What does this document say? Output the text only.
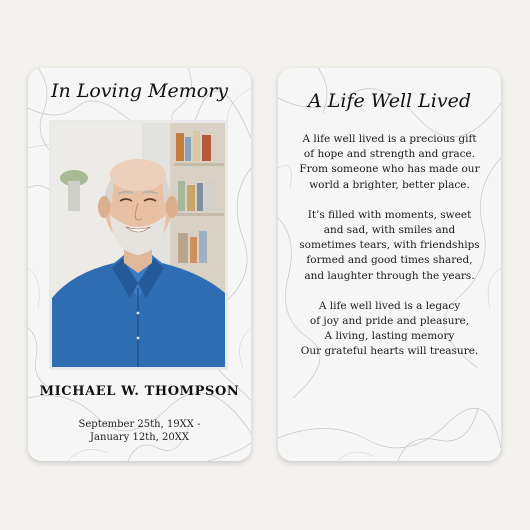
In Loving Memory
MICHAEL W. THOMPSON
September 25th, 19XX -
January 12th, 20XX
A Life Well Lived
A life well lived is a precious gift
of hope and strength and grace.
From someone who has made our
world a brighter, better place.
It’s filled with moments, sweet
and sad, with smiles and
sometimes tears, with friendships
formed and good times shared,
and laughter through the years.
A life well lived is a legacy
of joy and pride and pleasure,
A living, lasting memory
Our grateful hearts will treasure.
